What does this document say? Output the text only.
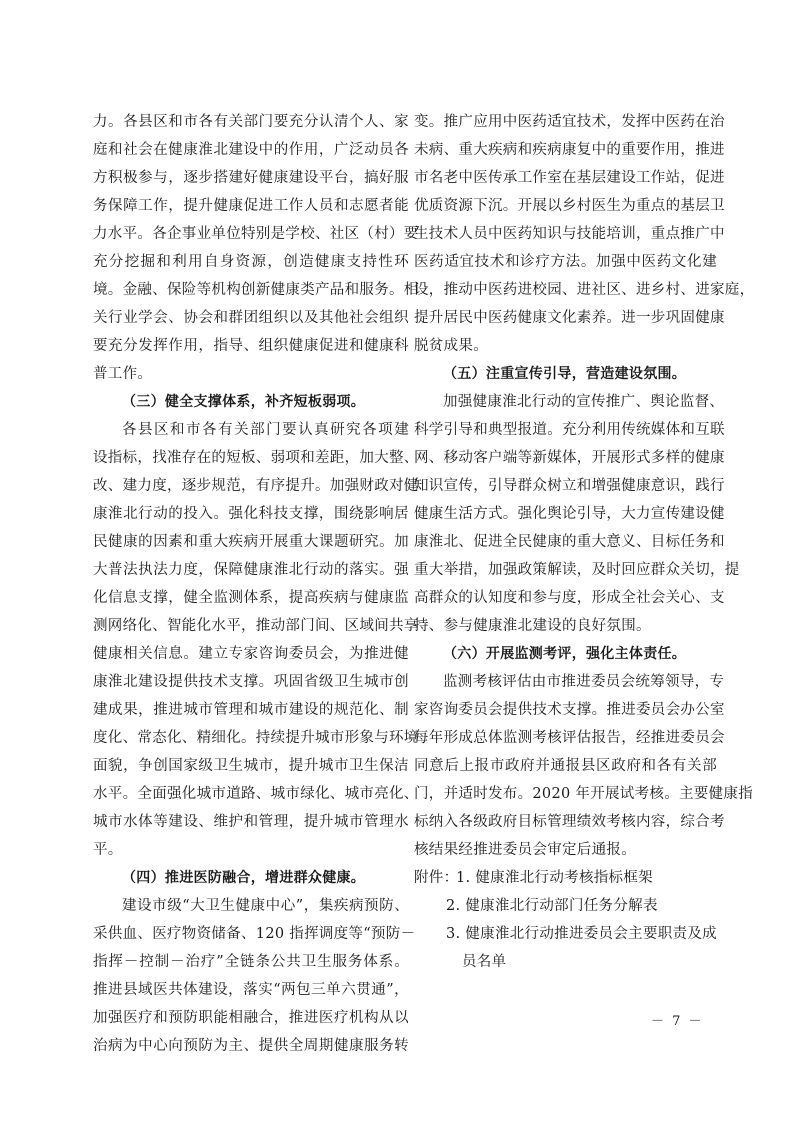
力。各县区和市各有关部门要充分认清个人、家
庭和社会在健康淮北建设中的作用，广泛动员各
方积极参与，逐步搭建好健康建设平台，搞好服
务保障工作，提升健康促进工作人员和志愿者能
力水平。各企事业单位特别是学校、社区（村）要
充分挖掘和利用自身资源，创造健康支持性环
境。金融、保险等机构创新健康类产品和服务。相
关行业学会、协会和群团组织以及其他社会组织
要充分发挥作用，指导、组织健康促进和健康科
普工作。
（三）健全支撑体系，补齐短板弱项。
各县区和市各有关部门要认真研究各项建
设指标，找准存在的短板、弱项和差距，加大整、
改、建力度，逐步规范，有序提升。加强财政对健
康淮北行动的投入。强化科技支撑，围绕影响居
民健康的因素和重大疾病开展重大课题研究。加
大普法执法力度，保障健康淮北行动的落实。强
化信息支撑，健全监测体系，提高疾病与健康监
测网络化、智能化水平，推动部门间、区域间共享
健康相关信息。建立专家咨询委员会，为推进健
康淮北建设提供技术支撑。巩固省级卫生城市创
建成果，推进城市管理和城市建设的规范化、制
度化、常态化、精细化。持续提升城市形象与环境
面貌，争创国家级卫生城市，提升城市卫生保洁
水平。全面强化城市道路、城市绿化、城市亮化、
城市水体等建设、维护和管理，提升城市管理水
平。
（四）推进医防融合，增进群众健康。
建设市级“大卫生健康中心”，集疾病预防、
采供血、医疗物资储备、120 指挥调度等“预防－
指挥－控制－治疗”全链条公共卫生服务体系。
推进县域医共体建设，落实“两包三单六贯通”，
加强医疗和预防职能相融合，推进医疗机构从以
治病为中心向预防为主、提供全周期健康服务转
变。推广应用中医药适宜技术，发挥中医药在治
未病、重大疾病和疾病康复中的重要作用，推进
市名老中医传承工作室在基层建设工作站，促进
优质资源下沉。开展以乡村医生为重点的基层卫
生技术人员中医药知识与技能培训，重点推广中
医药适宜技术和诊疗方法。加强中医药文化建
设，推动中医药进校园、进社区、进乡村、进家庭，
提升居民中医药健康文化素养。进一步巩固健康
脱贫成果。
（五）注重宣传引导，营造建设氛围。
加强健康淮北行动的宣传推广、舆论监督、
科学引导和典型报道。充分利用传统媒体和互联
网、移动客户端等新媒体，开展形式多样的健康
知识宣传，引导群众树立和增强健康意识，践行
健康生活方式。强化舆论引导，大力宣传建设健
康淮北、促进全民健康的重大意义、目标任务和
重大举措，加强政策解读，及时回应群众关切，提
高群众的认知度和参与度，形成全社会关心、支
持、参与健康淮北建设的良好氛围。
（六）开展监测考评，强化主体责任。
监测考核评估由市推进委员会统筹领导，专
家咨询委员会提供技术支撑。推进委员会办公室
每年形成总体监测考核评估报告，经推进委员会
同意后上报市政府并通报县区政府和各有关部
门，并适时发布。2020 年开展试考核。主要健康指
标纳入各级政府目标管理绩效考核内容，综合考
核结果经推进委员会审定后通报。
附件：1. 健康淮北行动考核指标框架
2. 健康淮北行动部门任务分解表
3. 健康淮北行动推进委员会主要职责及成
员名单
－ 7 －
